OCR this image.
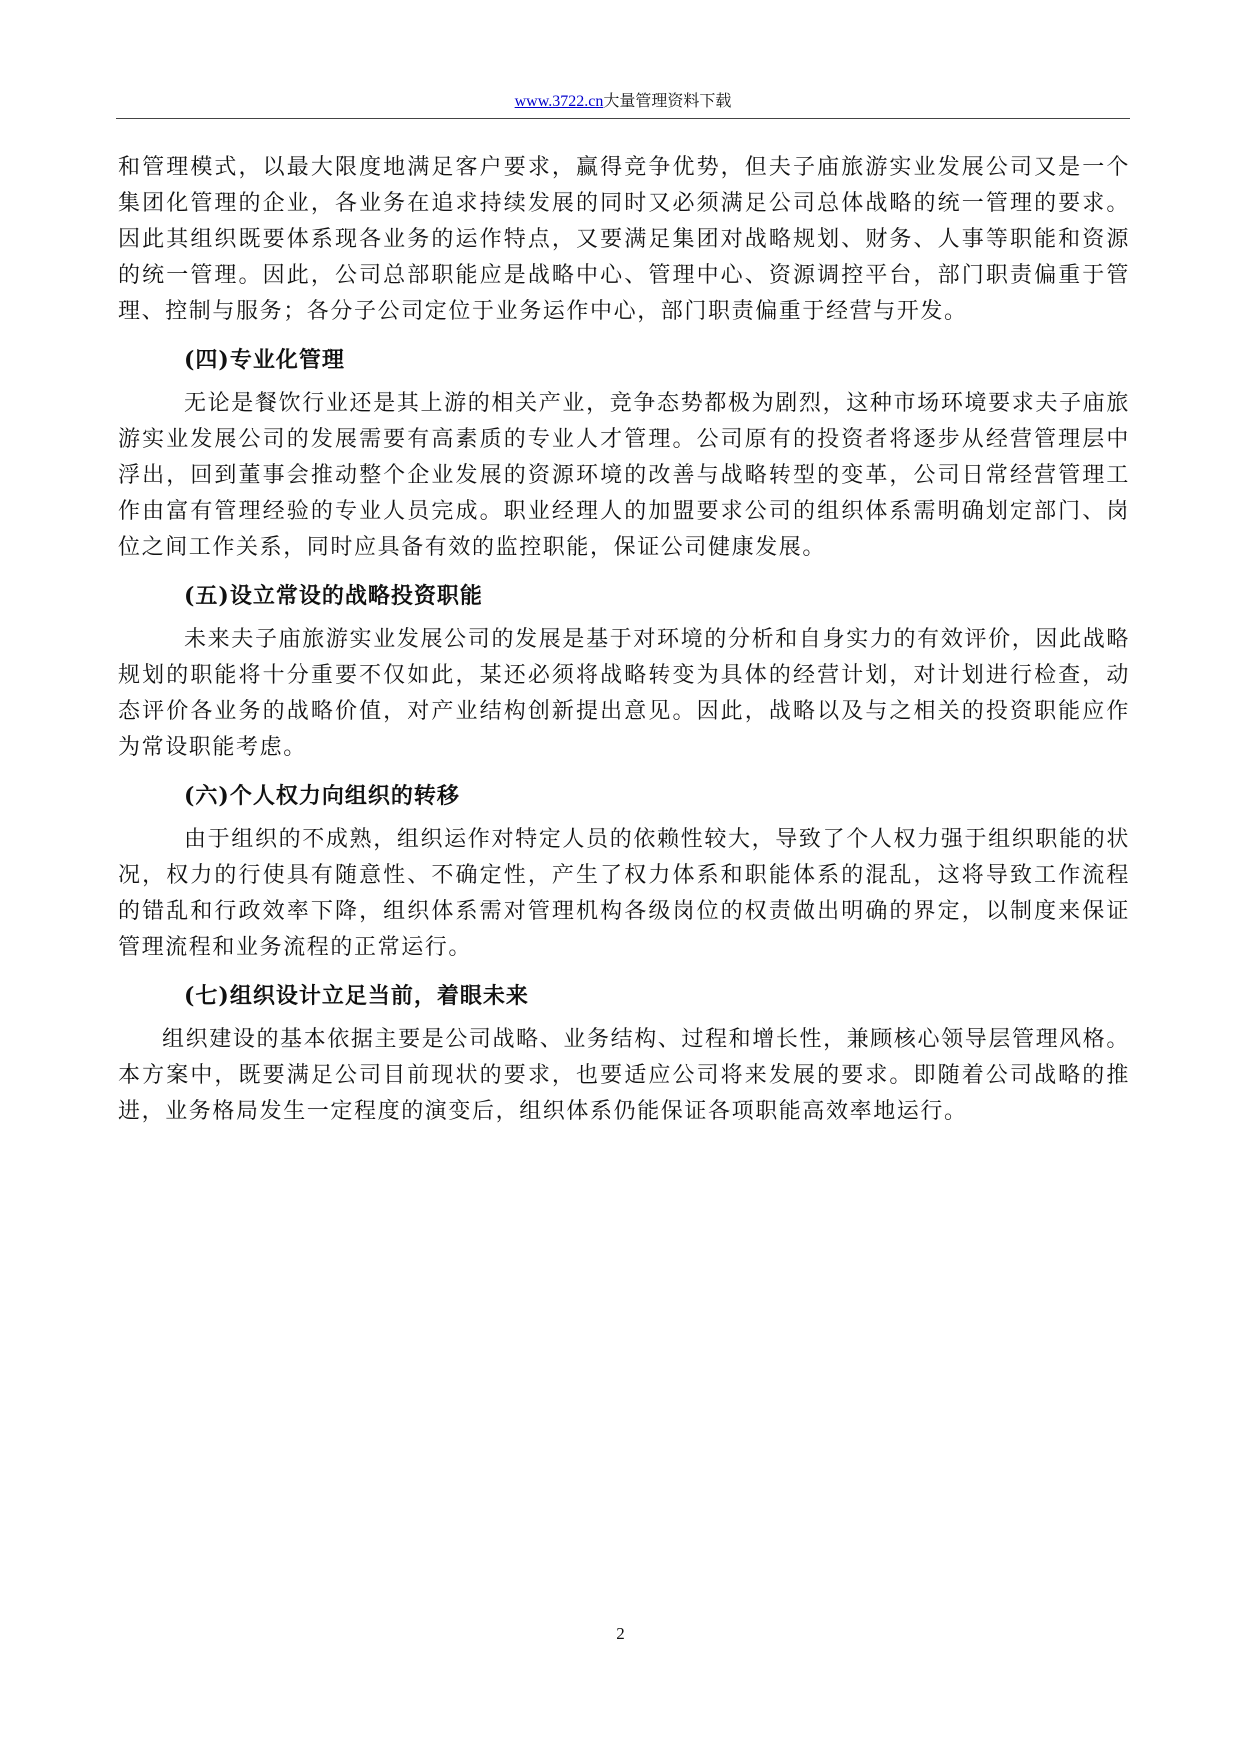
www.3722.cn大量管理资料下载

和管理模式，以最大限度地满足客户要求，赢得竞争优势，但夫子庙旅游实业发展公司又是一个集团化管理的企业，各业务在追求持续发展的同时又必须满足公司总体战略的统一管理的要求。因此其组织既要体系现各业务的运作特点，又要满足集团对战略规划、财务、人事等职能和资源的统一管理。因此，公司总部职能应是战略中心、管理中心、资源调控平台，部门职责偏重于管理、控制与服务；各分子公司定位于业务运作中心，部门职责偏重于经营与开发。

(四)专业化管理

无论是餐饮行业还是其上游的相关产业，竞争态势都极为剧烈，这种市场环境要求夫子庙旅游实业发展公司的发展需要有高素质的专业人才管理。公司原有的投资者将逐步从经营管理层中浮出，回到董事会推动整个企业发展的资源环境的改善与战略转型的变革，公司日常经营管理工作由富有管理经验的专业人员完成。职业经理人的加盟要求公司的组织体系需明确划定部门、岗位之间工作关系，同时应具备有效的监控职能，保证公司健康发展。

(五)设立常设的战略投资职能

未来夫子庙旅游实业发展公司的发展是基于对环境的分析和自身实力的有效评价，因此战略规划的职能将十分重要不仅如此，某还必须将战略转变为具体的经营计划，对计划进行检查，动态评价各业务的战略价值，对产业结构创新提出意见。因此，战略以及与之相关的投资职能应作为常设职能考虑。

(六)个人权力向组织的转移

由于组织的不成熟，组织运作对特定人员的依赖性较大，导致了个人权力强于组织职能的状况，权力的行使具有随意性、不确定性，产生了权力体系和职能体系的混乱，这将导致工作流程的错乱和行政效率下降，组织体系需对管理机构各级岗位的权责做出明确的界定，以制度来保证管理流程和业务流程的正常运行。

(七)组织设计立足当前，着眼未来

组织建设的基本依据主要是公司战略、业务结构、过程和增长性，兼顾核心领导层管理风格。本方案中，既要满足公司目前现状的要求，也要适应公司将来发展的要求。即随着公司战略的推进，业务格局发生一定程度的演变后，组织体系仍能保证各项职能高效率地运行。

2
